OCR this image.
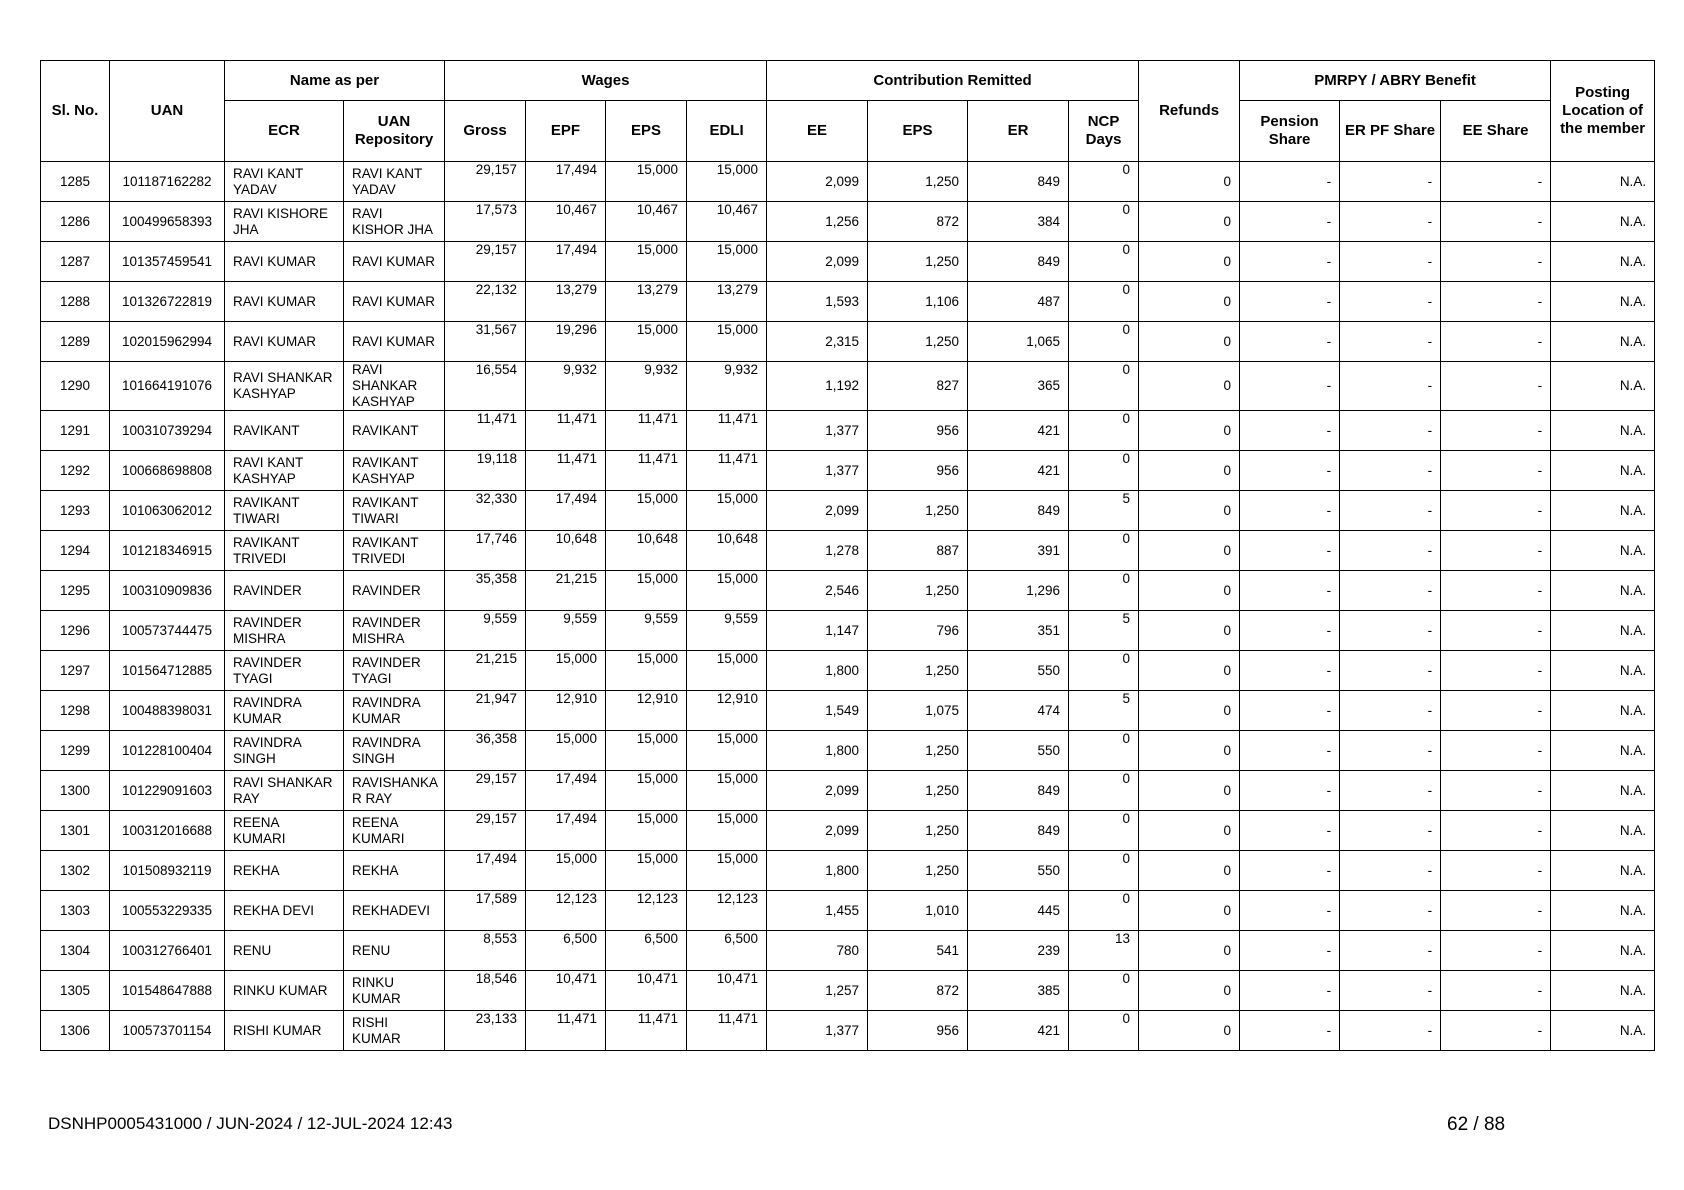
Sl. No.	UAN	Name as per		Wages				Contribution Remitted				Refunds	PMRPY / ABRY Benefit			Posting Location of the member
		ECR	UAN Repository	Gross	EPF	EPS	EDLI	EE	EPS	ER	NCP Days		Pension Share	ER PF Share	EE Share	
1285	101187162282	RAVI KANT YADAV	RAVI KANT YADAV	29,157	17,494	15,000	15,000	2,099	1,250	849	0	0	-	-	-	N.A.
1286	100499658393	RAVI KISHORE JHA	RAVI KISHOR JHA	17,573	10,467	10,467	10,467	1,256	872	384	0	0	-	-	-	N.A.
1287	101357459541	RAVI KUMAR	RAVI KUMAR	29,157	17,494	15,000	15,000	2,099	1,250	849	0	0	-	-	-	N.A.
1288	101326722819	RAVI KUMAR	RAVI KUMAR	22,132	13,279	13,279	13,279	1,593	1,106	487	0	0	-	-	-	N.A.
1289	102015962994	RAVI KUMAR	RAVI KUMAR	31,567	19,296	15,000	15,000	2,315	1,250	1,065	0	0	-	-	-	N.A.
1290	101664191076	RAVI SHANKAR KASHYAP	RAVI SHANKAR KASHYAP	16,554	9,932	9,932	9,932	1,192	827	365	0	0	-	-	-	N.A.
1291	100310739294	RAVIKANT	RAVIKANT	11,471	11,471	11,471	11,471	1,377	956	421	0	0	-	-	-	N.A.
1292	100668698808	RAVI KANT KASHYAP	RAVIKANT KASHYAP	19,118	11,471	11,471	11,471	1,377	956	421	0	0	-	-	-	N.A.
1293	101063062012	RAVIKANT TIWARI	RAVIKANT TIWARI	32,330	17,494	15,000	15,000	2,099	1,250	849	5	0	-	-	-	N.A.
1294	101218346915	RAVIKANT TRIVEDI	RAVIKANT TRIVEDI	17,746	10,648	10,648	10,648	1,278	887	391	0	0	-	-	-	N.A.
1295	100310909836	RAVINDER	RAVINDER	35,358	21,215	15,000	15,000	2,546	1,250	1,296	0	0	-	-	-	N.A.
1296	100573744475	RAVINDER MISHRA	RAVINDER MISHRA	9,559	9,559	9,559	9,559	1,147	796	351	5	0	-	-	-	N.A.
1297	101564712885	RAVINDER TYAGI	RAVINDER TYAGI	21,215	15,000	15,000	15,000	1,800	1,250	550	0	0	-	-	-	N.A.
1298	100488398031	RAVINDRA KUMAR	RAVINDRA KUMAR	21,947	12,910	12,910	12,910	1,549	1,075	474	5	0	-	-	-	N.A.
1299	101228100404	RAVINDRA SINGH	RAVINDRA SINGH	36,358	15,000	15,000	15,000	1,800	1,250	550	0	0	-	-	-	N.A.
1300	101229091603	RAVI SHANKAR RAY	RAVISHANKA R RAY	29,157	17,494	15,000	15,000	2,099	1,250	849	0	0	-	-	-	N.A.
1301	100312016688	REENA KUMARI	REENA KUMARI	29,157	17,494	15,000	15,000	2,099	1,250	849	0	0	-	-	-	N.A.
1302	101508932119	REKHA	REKHA	17,494	15,000	15,000	15,000	1,800	1,250	550	0	0	-	-	-	N.A.
1303	100553229335	REKHA DEVI	REKHADEVI	17,589	12,123	12,123	12,123	1,455	1,010	445	0	0	-	-	-	N.A.
1304	100312766401	RENU	RENU	8,553	6,500	6,500	6,500	780	541	239	13	0	-	-	-	N.A.
1305	101548647888	RINKU KUMAR	RINKU KUMAR	18,546	10,471	10,471	10,471	1,257	872	385	0	0	-	-	-	N.A.
1306	100573701154	RISHI KUMAR	RISHI KUMAR	23,133	11,471	11,471	11,471	1,377	956	421	0	0	-	-	-	N.A.
DSNHP0005431000 / JUN-2024 / 12-JUL-2024 12:43	62 / 88
